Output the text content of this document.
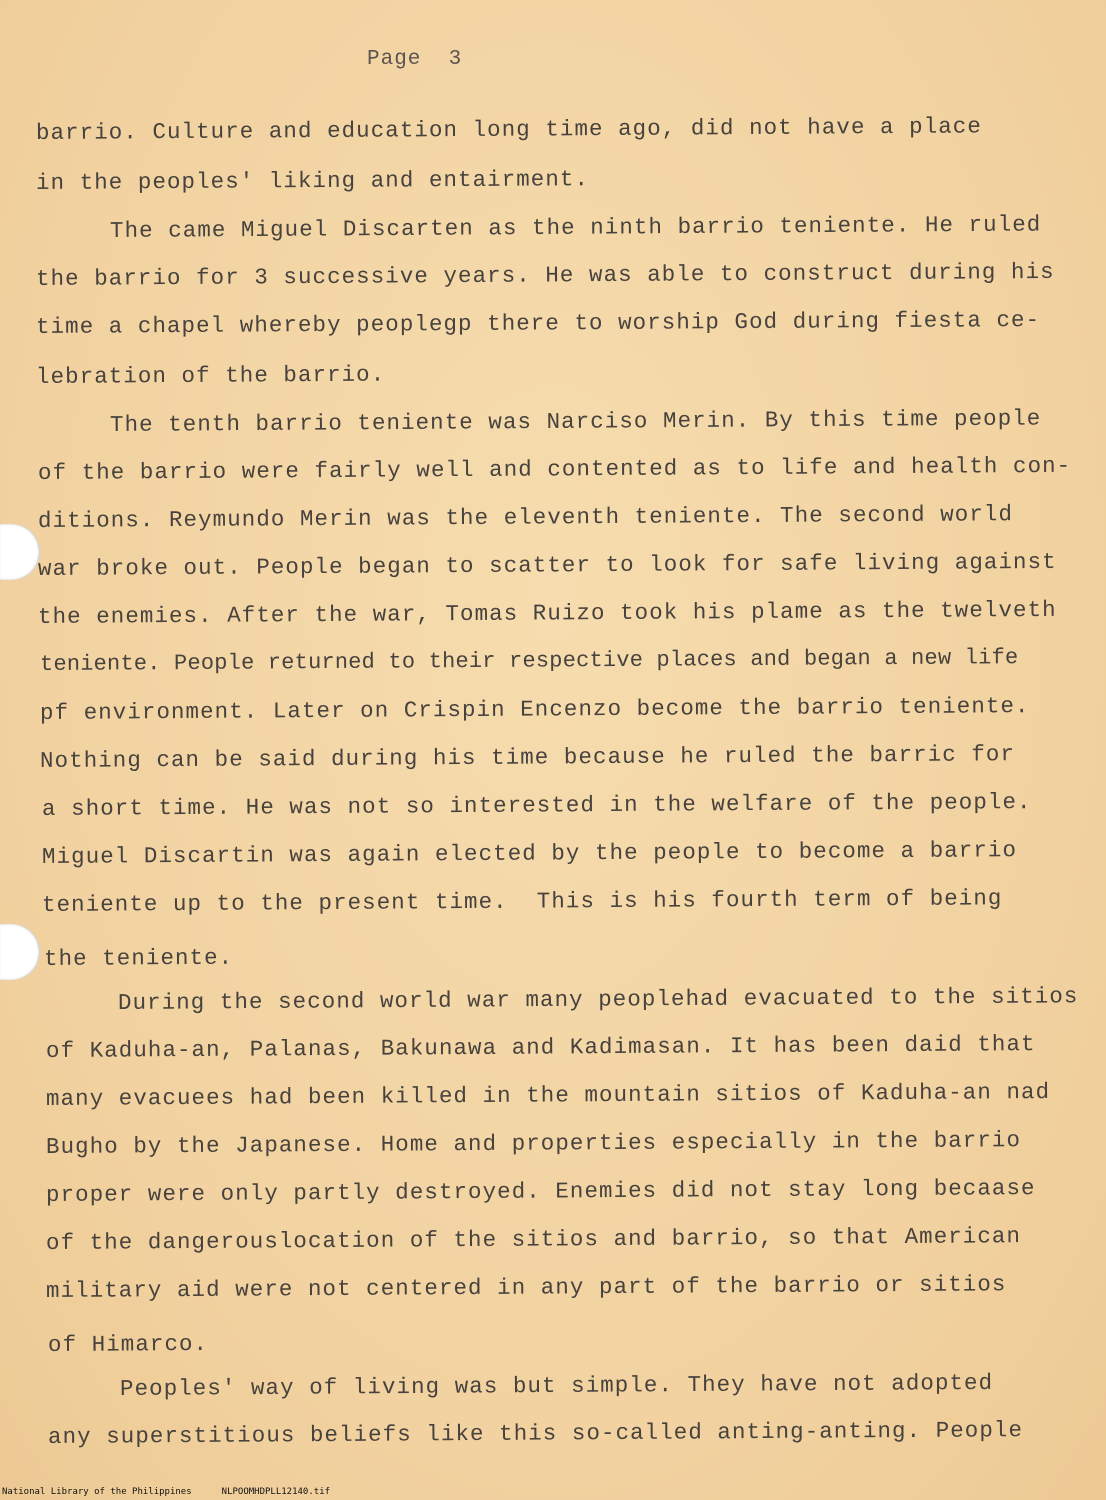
Page  3
barrio. Culture and education long time ago, did not have a place
in the peoples' liking and entairment.
The came Miguel Discarten as the ninth barrio teniente. He ruled
the barrio for 3 successive years. He was able to construct during his
time a chapel whereby peoplegp there to worship God during fiesta ce-
lebration of the barrio.
The tenth barrio teniente was Narciso Merin. By this time people
of the barrio were fairly well and contented as to life and health con-
ditions. Reymundo Merin was the eleventh teniente. The second world
war broke out. People began to scatter to look for safe living against
the enemies. After the war, Tomas Ruizo took his plame as the twelveth
teniente. People returned to their respective places and began a new life
pf environment. Later on Crispin Encenzo become the barrio teniente.
Nothing can be said during his time because he ruled the barric for
a short time. He was not so interested in the welfare of the people.
Miguel Discartin was again elected by the people to become a barrio
teniente up to the present time.  This is his fourth term of being
the teniente.
During the second world war many peoplehad evacuated to the sitios
of Kaduha-an, Palanas, Bakunawa and Kadimasan. It has been daid that
many evacuees had been killed in the mountain sitios of Kaduha-an nad
Bugho by the Japanese. Home and properties especially in the barrio
proper were only partly destroyed. Enemies did not stay long becaase
of the dangerouslocation of the sitios and barrio, so that American
military aid were not centered in any part of the barrio or sitios
of Himarco.
Peoples' way of living was but simple. They have not adopted
any superstitious beliefs like this so-called anting-anting. People
National Library of the Philippines	NLPOOMHDPLL12140.tif
